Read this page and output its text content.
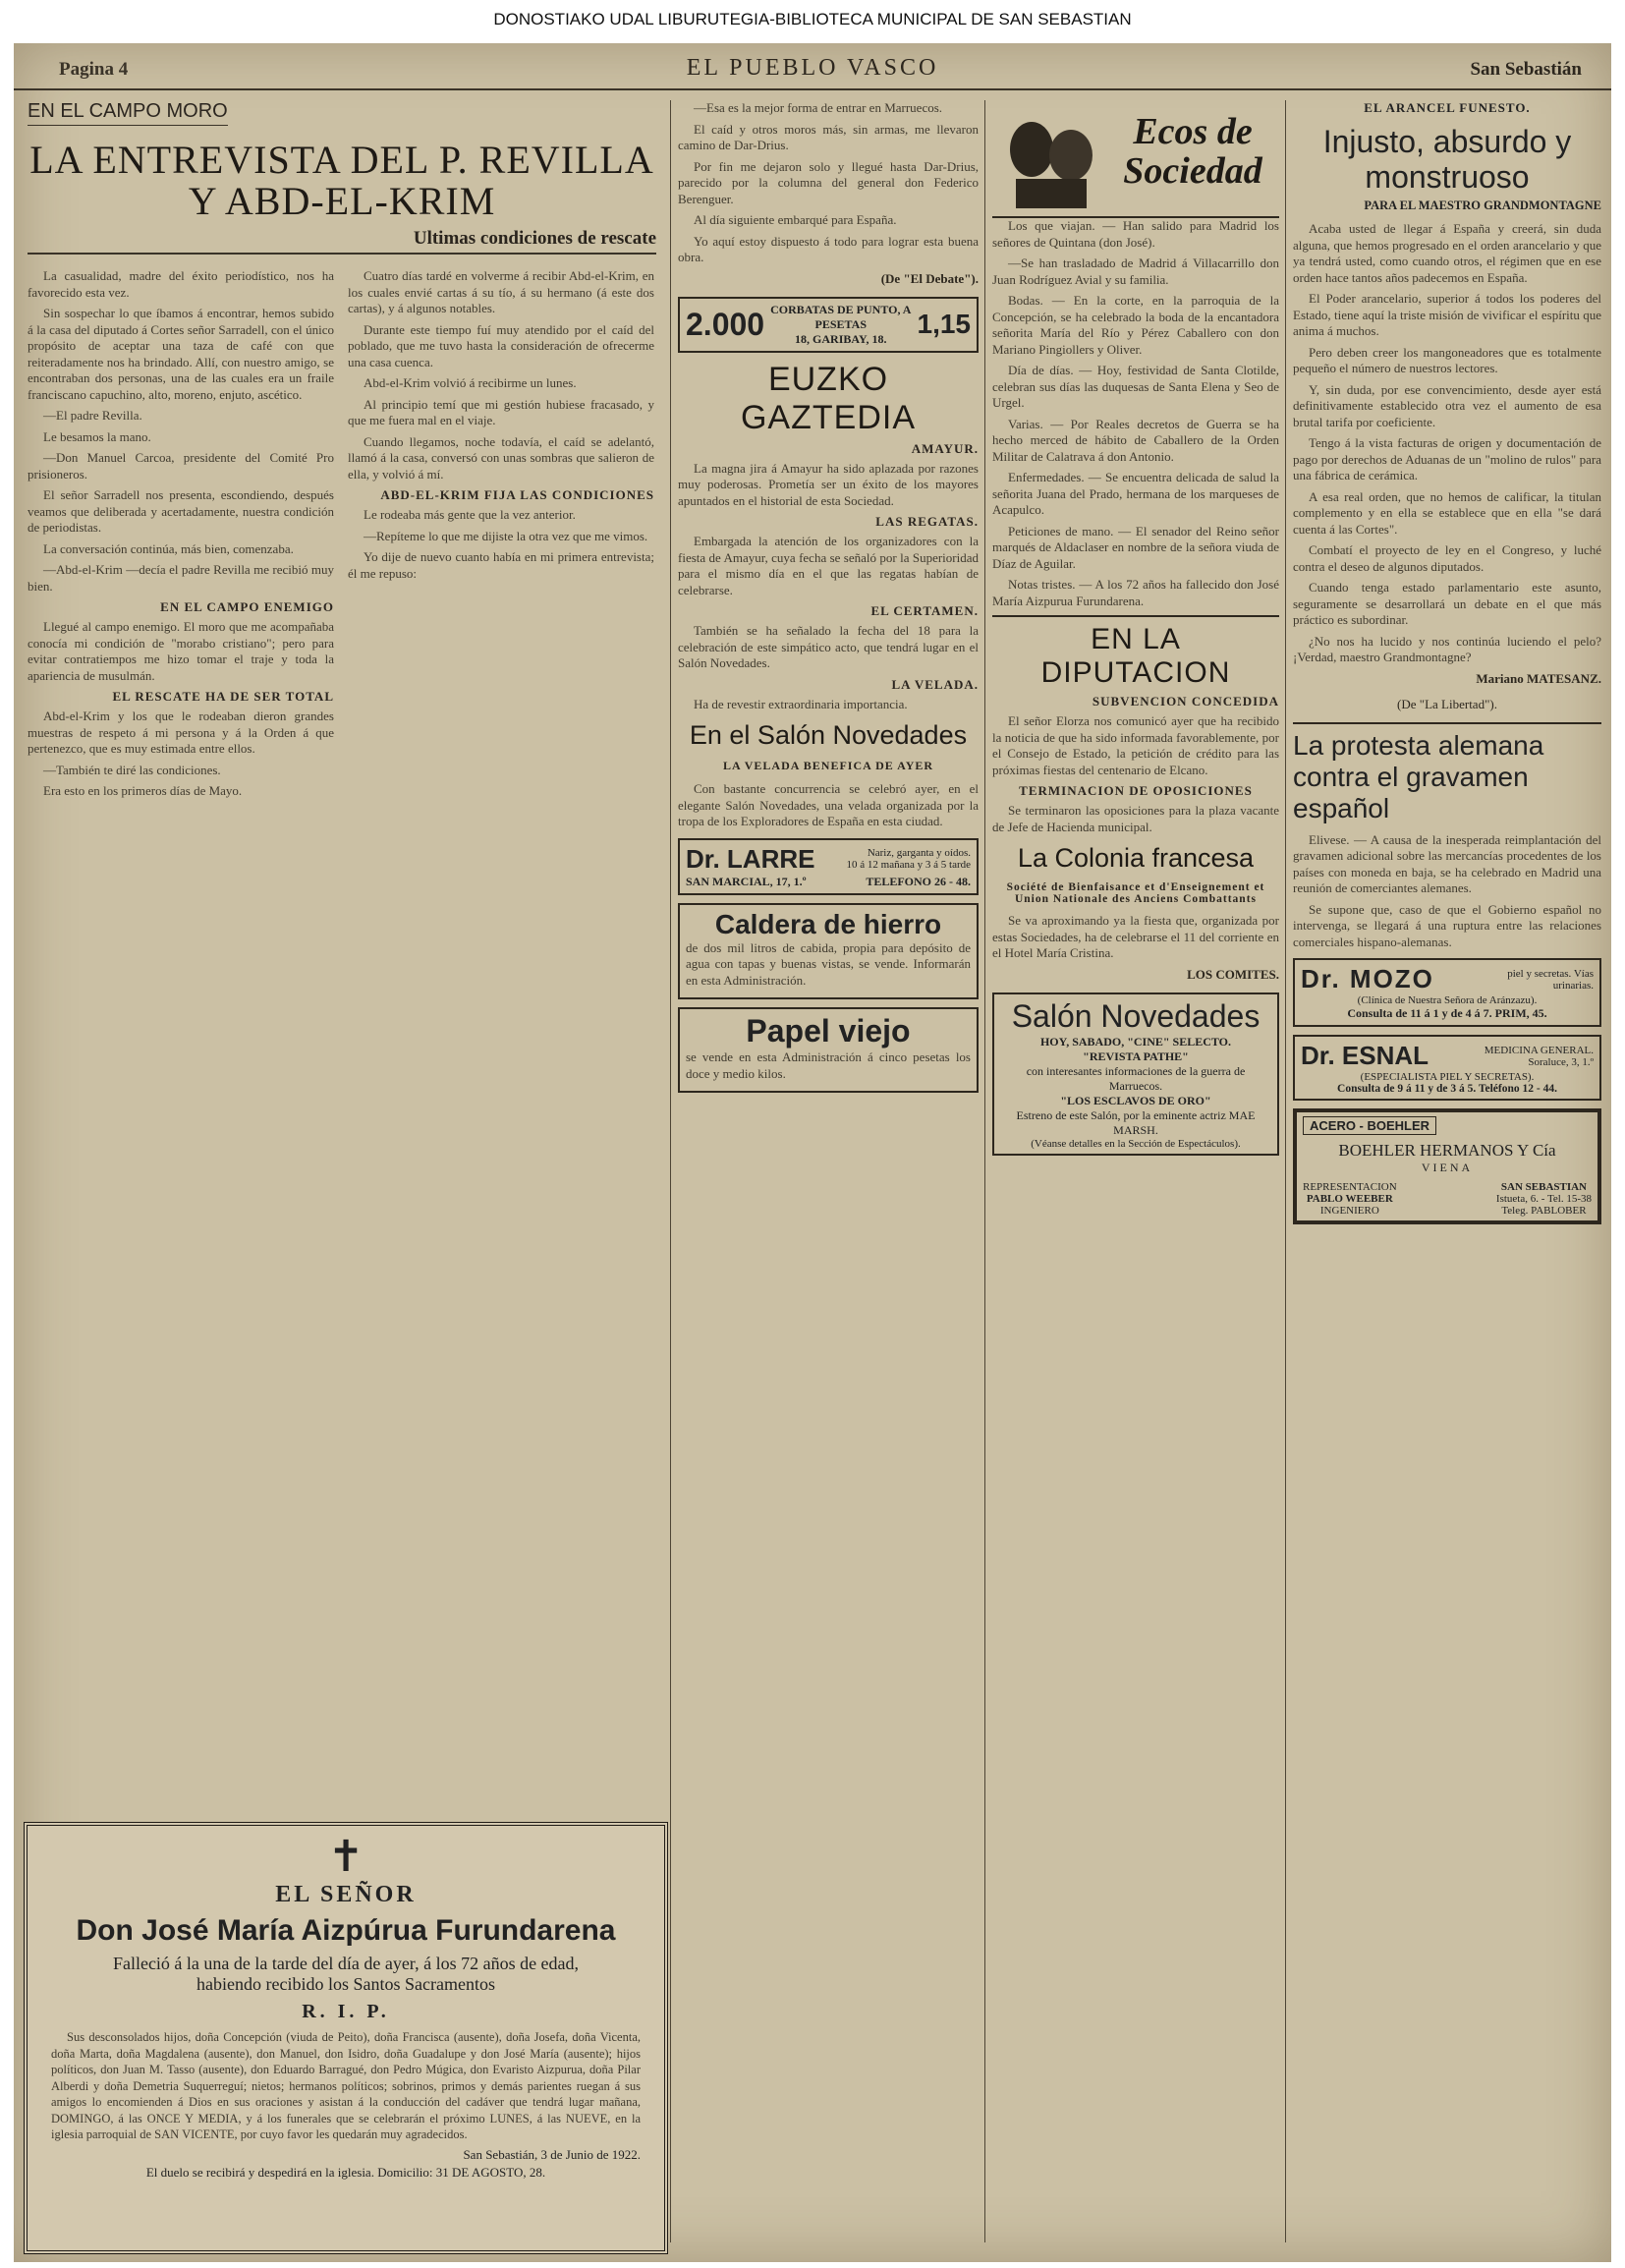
DONOSTIAKO UDAL LIBURUTEGIA-BIBLIOTECA MUNICIPAL DE SAN SEBASTIAN
Pagina 4	EL PUEBLO VASCO	San Sebastián
EN EL CAMPO MORO
LA ENTREVISTA DEL P. REVILLA Y ABD-EL-KRIM
Ultimas condiciones de rescate

La casualidad, madre del éxito periodístico, nos ha favorecido esta vez.

Sin sospechar lo que íbamos á encontrar, hemos subido á la casa del diputado á Cortes señor Sarradell, con el único propósito de aceptar una taza de café con que reiteradamente nos ha brindado. Allí, con nuestro amigo, se encontraban dos personas, una de las cuales era un fraile franciscano capuchino, alto, moreno, enjuto, ascético.

—El padre Revilla.

Le besamos la mano.

—Don Manuel Carcoa, presidente del Comité Pro prisioneros.

El señor Sarradell nos presenta, escondiendo, después veamos que deliberada y acertadamente, nuestra condición de periodistas.

La conversación continúa, más bien, comenzaba.

—Abd-el-Krim —decía el padre Revilla me recibió muy bien.

EN EL CAMPO ENEMIGO

Llegué al campo enemigo. El moro que me acompañaba conocía mi condición de "morabo cristiano"; pero para evitar contratiempos me hizo tomar el traje y toda la apariencia de musulmán.

EL RESCATE HA DE SER TOTAL

Abd-el-Krim y los que le rodeaban dieron grandes muestras de respeto á mi persona y á la Orden á que pertenezco, que es muy estimada entre ellos.

—También te diré las condiciones.

Era esto en los primeros días de Mayo.

Cuatro días tardé en volverme á recibir Abd-el-Krim, en los cuales envié cartas á su tío, á su hermano (á este dos cartas), y á algunos notables.

Durante este tiempo fuí muy atendido por el caíd del poblado, que me tuvo hasta la consideración de ofrecerme una casa cuenca.

Abd-el-Krim volvió á recibirme un lunes.

Al principio temí que mi gestión hubiese fracasado, y que me fuera mal en el viaje.

Cuando llegamos, noche todavía, el caíd se adelantó, llamó á la casa, conversó con unas sombras que salieron de ella, y volvió á mí.

ABD-EL-KRIM FIJA LAS CONDICIONES

Le rodeaba más gente que la vez anterior.

—Repíteme lo que me dijiste la otra vez que me vimos.

Yo dije de nuevo cuanto había en mi primera entrevista; él me repuso:

✝
EL SEÑOR
Don José María Aizpúrua Furundarena
Falleció á la una de la tarde del día de ayer, á los 72 años de edad,
habiendo recibido los Santos Sacramentos
R. I. P.

Sus desconsolados hijos, doña Concepción (viuda de Peito), doña Francisca (ausente), doña Josefa, doña Vicenta, doña Marta, doña Magdalena (ausente), don Manuel, don Isidro, doña Guadalupe y don José María (ausente); hijos políticos, don Juan M. Tasso (ausente), don Eduardo Barragué, don Pedro Múgica, don Evaristo Aizpurua, doña Pilar Alberdi y doña Demetria Suquerreguí; nietos; hermanos políticos; sobrinos, primos y demás parientes ruegan á sus amigos lo encomienden á Dios en sus oraciones y asistan á la conducción del cadáver que tendrá lugar mañana, DOMINGO, á las ONCE Y MEDIA, y á los funerales que se celebrarán el próximo LUNES, á las NUEVE, en la iglesia parroquial de SAN VICENTE, por cuyo favor les quedarán muy agradecidos.

San Sebastián, 3 de Junio de 1922.
El duelo se recibirá y despedirá en la iglesia. Domicilio: 31 DE AGOSTO, 28.

—Esa es la mejor forma de entrar en Marruecos.

El caíd y otros moros más, sin armas, me llevaron camino de Dar-Drius.

Por fin me dejaron solo y llegué hasta Dar-Drius, parecido por la columna del general don Federico Berenguer.

Al día siguiente embarqué para España.

Yo aquí estoy dispuesto á todo para lograr esta buena obra.

(De "El Debate").
2.000 CORBATAS DE PUNTO, A PESETAS
18, GARIBAY, 18.	1,15
EUZKO GAZTEDIA
AMAYUR.

La magna jira á Amayur ha sido aplazada por razones muy poderosas. Prometía ser un éxito de los mayores apuntados en el historial de esta Sociedad.

LAS REGATAS.

Embargada la atención de los organizadores con la fiesta de Amayur, cuya fecha se señaló por la Superioridad para el mismo día en el que las regatas habían de celebrarse.

EL CERTAMEN.

También se ha señalado la fecha del 18 para la celebración de este simpático acto, que tendrá lugar en el Salón Novedades.

LA VELADA.

Ha de revestir extraordinaria importancia.

En el Salón Novedades
LA VELADA BENEFICA DE AYER

Con bastante concurrencia se celebró ayer, en el elegante Salón Novedades, una velada organizada por la tropa de los Exploradores de España en esta ciudad.

Dr. LARRE	Nariz, garganta y oídos.
10 á 12 mañana y 3 á 5 tarde
SAN MARCIAL, 17, 1.º	TELEFONO 26 - 48.
Caldera de hierro

de dos mil litros de cabida, propia para depósito de agua con tapas y buenas vistas, se vende. Informarán en esta Administración.

Papel viejo

se vende en esta Administración á cinco pesetas los doce y medio kilos.

Ecos de Sociedad

Los que viajan. — Han salido para Madrid los señores de Quintana (don José).

—Se han trasladado de Madrid á Villacarrillo don Juan Rodríguez Avial y su familia.

Bodas. — En la corte, en la parroquia de la Concepción, se ha celebrado la boda de la encantadora señorita María del Río y Pérez Caballero con don Mariano Pingiollers y Oliver.

Día de días. — Hoy, festividad de Santa Clotilde, celebran sus días las duquesas de Santa Elena y Seo de Urgel.

Varias. — Por Reales decretos de Guerra se ha hecho merced de hábito de Caballero de la Orden Militar de Calatrava á don Antonio.

Enfermedades. — Se encuentra delicada de salud la señorita Juana del Prado, hermana de los marqueses de Acapulco.

Peticiones de mano. — El senador del Reino señor marqués de Aldaclaser en nombre de la señora viuda de Díaz de Aguilar.

Notas tristes. — A los 72 años ha fallecido don José María Aizpurua Furundarena.

EN LA DIPUTACION
SUBVENCION CONCEDIDA

El señor Elorza nos comunicó ayer que ha recibido la noticia de que ha sido informada favorablemente, por el Consejo de Estado, la petición de crédito para las próximas fiestas del centenario de Elcano.

TERMINACION DE OPOSICIONES

Se terminaron las oposiciones para la plaza vacante de Jefe de Hacienda municipal.

La Colonia francesa
Société de Bienfaisance et d'Enseignement et Union Nationale des Anciens Combattants

Se va aproximando ya la fiesta que, organizada por estas Sociedades, ha de celebrarse el 11 del corriente en el Hotel María Cristina.

LOS COMITES.
Salón Novedades
HOY, SABADO, "CINE" SELECTO.
"REVISTA PATHE"
con interesantes informaciones de la guerra de Marruecos.
"LOS ESCLAVOS DE ORO"
Estreno de este Salón, por la eminente actriz MAE MARSH.
(Véanse detalles en la Sección de Espectáculos).
EL ARANCEL FUNESTO.
Injusto, absurdo y monstruoso
PARA EL MAESTRO GRANDMONTAGNE

Acaba usted de llegar á España y creerá, sin duda alguna, que hemos progresado en el orden arancelario y que ya tendrá usted, como cuando otros, el régimen que en ese orden hace tantos años padecemos en España.

El Poder arancelario, superior á todos los poderes del Estado, tiene aquí la triste misión de vivificar el espíritu que anima á muchos.

Pero deben creer los mangoneadores que es totalmente pequeño el número de nuestros lectores.

Y, sin duda, por ese convencimiento, desde ayer está definitivamente establecido otra vez el aumento de esa brutal tarifa por coeficiente.

Tengo á la vista facturas de origen y documentación de pago por derechos de Aduanas de un "molino de rulos" para una fábrica de cerámica.

A esa real orden, que no hemos de calificar, la titulan complemento y en ella se establece que en ella "se dará cuenta á las Cortes".

Combatí el proyecto de ley en el Congreso, y luché contra el deseo de algunos diputados.

Cuando tenga estado parlamentario este asunto, seguramente se desarrollará un debate en el que más práctico es subordinar.

¿No nos ha lucido y nos continúa luciendo el pelo? ¡Verdad, maestro Grandmontagne?

Mariano MATESANZ.
(De "La Libertad").
La protesta alemana contra el gravamen español

Elivese. — A causa de la inesperada reimplantación del gravamen adicional sobre las mercancías procedentes de los países con moneda en baja, se ha celebrado en Madrid una reunión de comerciantes alemanes.

Se supone que, caso de que el Gobierno español no intervenga, se llegará á una ruptura entre las relaciones comerciales hispano-alemanas.

Dr. MOZO	piel y secretas. Vías urinarias.
(Clínica de Nuestra Señora de Aránzazu).
Consulta de 11 á 1 y de 4 á 7. PRIM, 45.
Dr. ESNAL	MEDICINA GENERAL.
Soraluce, 3, 1.º
(ESPECIALISTA PIEL Y SECRETAS).
Consulta de 9 á 11 y de 3 á 5. Teléfono 12 - 44.
ACERO - BOEHLER
BOEHLER HERMANOS Y Cía
VIENA
REPRESENTACION
PABLO WEEBER
INGENIERO
SAN SEBASTIAN
Istueta, 6. - Tel. 15-38
Teleg. PABLOBER
